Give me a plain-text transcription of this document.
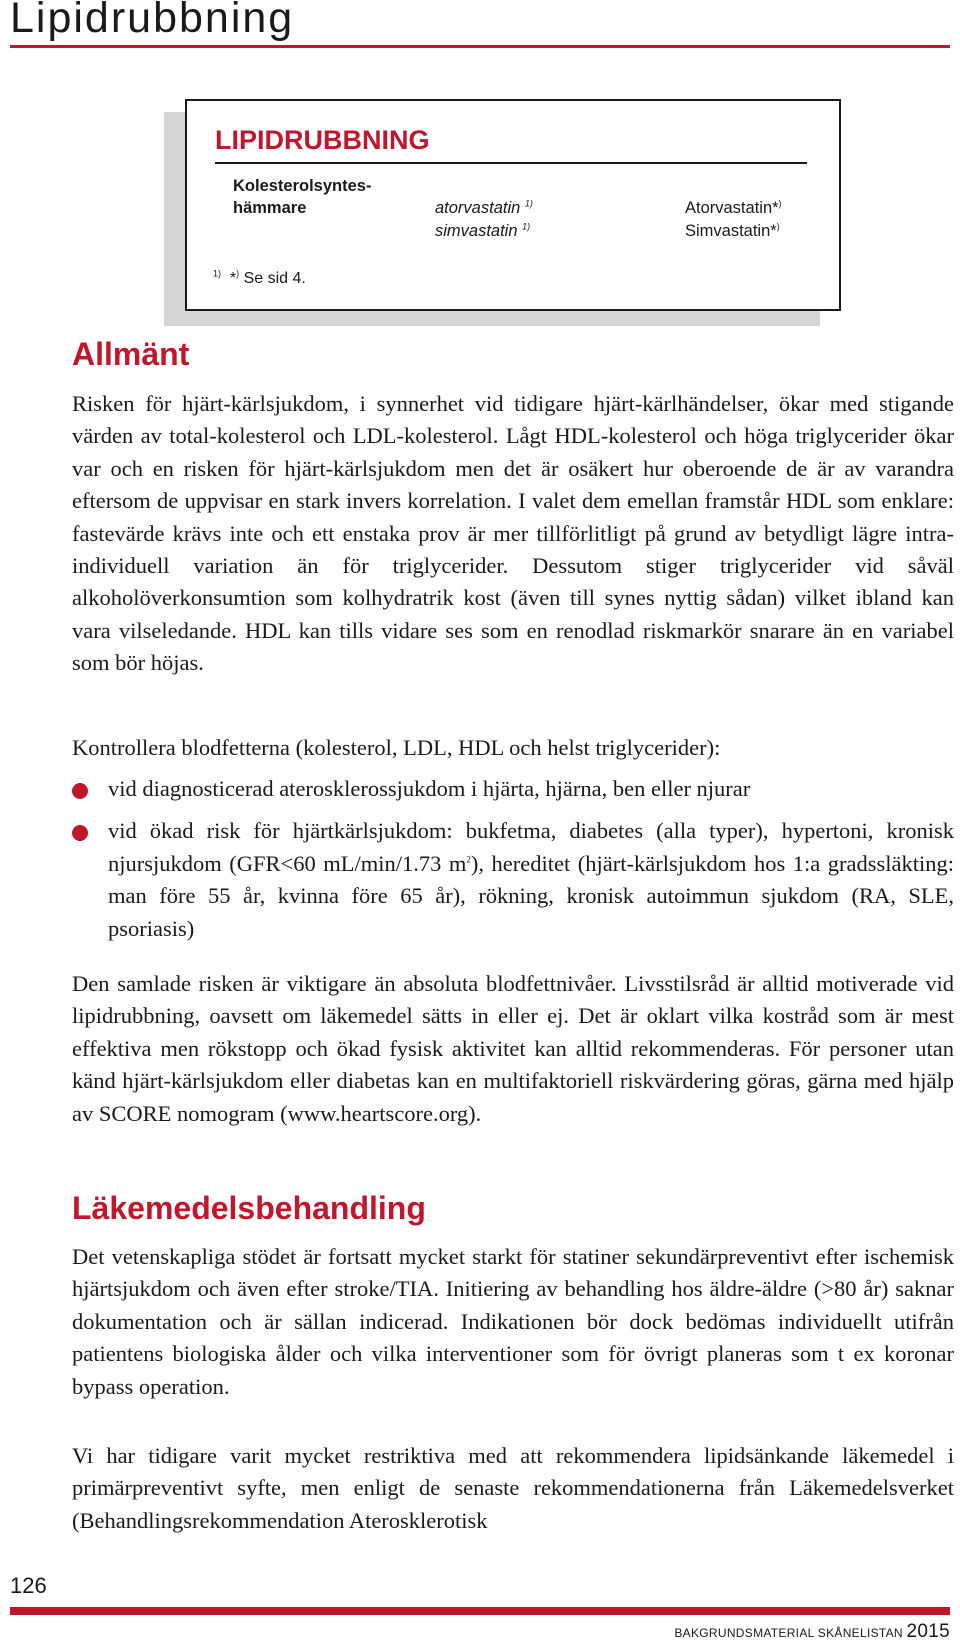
Lipidrubbning
LIPIDRUBBNING
Kolesterolsyntes-hämmare	atorvastatin $^{1)}$
simvastatin $^{1)}$
Atorvastatin*)
Simvastatin*)
$^{1)}$ *) Se sid 4.
Allmänt

Risken för hjärt-kärlsjukdom, i synnerhet vid tidigare hjärt-kärlhändelser, ökar med stigande värden av total-kolesterol och LDL-kolesterol. Lågt HDL-kolesterol och höga triglycerider ökar var och en risken för hjärt-kärlsjukdom men det är osäkert hur oberoende de är av varandra eftersom de uppvisar en stark invers korrelation. I valet dem emellan framstår HDL som enklare: fastevärde krävs inte och ett enstaka prov är mer tillförlitligt på grund av betydligt lägre intra-individuell variation än för triglycerider. Dessutom stiger triglycerider vid såväl alkoholöverkonsumtion som kolhydratrik kost (även till synes nyttig sådan) vilket ibland kan vara vilseledande. HDL kan tills vidare ses som en renodlad riskmarkör snarare än en variabel som bör höjas.

Kontrollera blodfetterna (kolesterol, LDL, HDL och helst triglycerider):

vid diagnosticerad aterosklerossjukdom i hjärta, hjärna, ben eller njurar
vid ökad risk för hjärtkärlsjukdom: bukfetma, diabetes (alla typer), hypertoni, kronisk njursjukdom (GFR<60 mL/min/1.73 $m^2$), hereditet (hjärt-kärlsjukdom hos 1:a gradssläkting: man före 55 år, kvinna före 65 år), rökning, kronisk autoimmun sjukdom (RA, SLE, psoriasis)

Den samlade risken är viktigare än absoluta blodfettnivåer. Livsstilsråd är alltid motiverade vid lipidrubbning, oavsett om läkemedel sätts in eller ej. Det är oklart vilka kostråd som är mest effektiva men rökstopp och ökad fysisk aktivitet kan alltid rekommenderas. För personer utan känd hjärt-kärlsjukdom eller diabetas kan en multifaktoriell riskvärdering göras, gärna med hjälp av SCORE nomogram (www.heartscore.org).

Läkemedelsbehandling

Det vetenskapliga stödet är fortsatt mycket starkt för statiner sekundärpreventivt efter ischemisk hjärtsjukdom och även efter stroke/TIA. Initiering av behandling hos äldre-äldre (>80 år) saknar dokumentation och är sällan indicerad. Indikationen bör dock bedömas individuellt utifrån patientens biologiska ålder och vilka interventioner som för övrigt planeras som t ex koronar bypass operation.

Vi har tidigare varit mycket restriktiva med att rekommendera lipidsänkande läkemedel i primärpreventivt syfte, men enligt de senaste rekommendationerna från Läkemedelsverket (Behandlingsrekommendation Aterosklerotisk

126
BAKGRUNDSMATERIAL SKÅNELISTAN 2015
